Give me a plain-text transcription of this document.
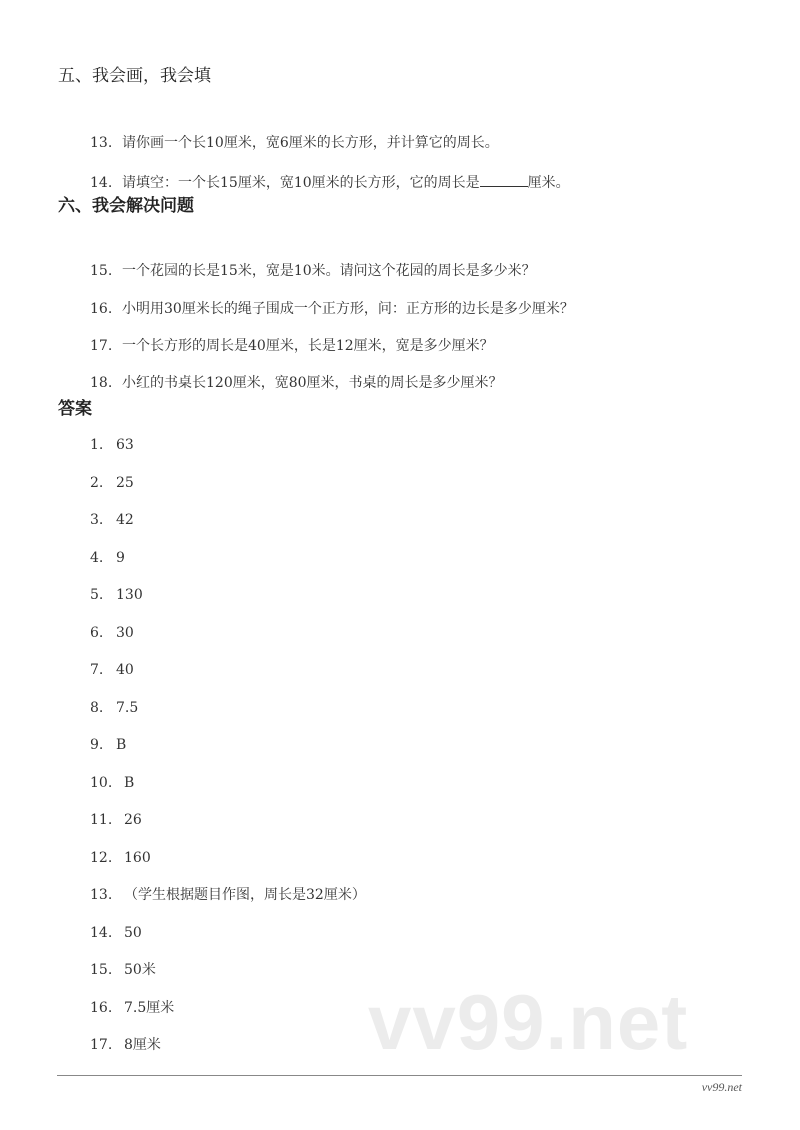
五、我会画，我会填
13. 请你画一个长10厘米，宽6厘米的长方形，并计算它的周长。
14. 请填空：一个长15厘米，宽10厘米的长方形，它的周长是	厘米。
六、我会解决问题
15. 一个花园的长是15米，宽是10米。请问这个花园的周长是多少米？
16. 小明用30厘米长的绳子围成一个正方形，问：正方形的边长是多少厘米？
17. 一个长方形的周长是40厘米，长是12厘米，宽是多少厘米？
18. 小红的书桌长120厘米，宽80厘米，书桌的周长是多少厘米？
答案
1. 63
2. 25
3. 42
4. 9
5. 130
6. 30
7. 40
8. 7.5
9. B
10. B
11. 26
12. 160
13. （学生根据题目作图，周长是32厘米）
14. 50
15. 50米
16. 7.5厘米
17. 8厘米	vv99.net
vv99.net
